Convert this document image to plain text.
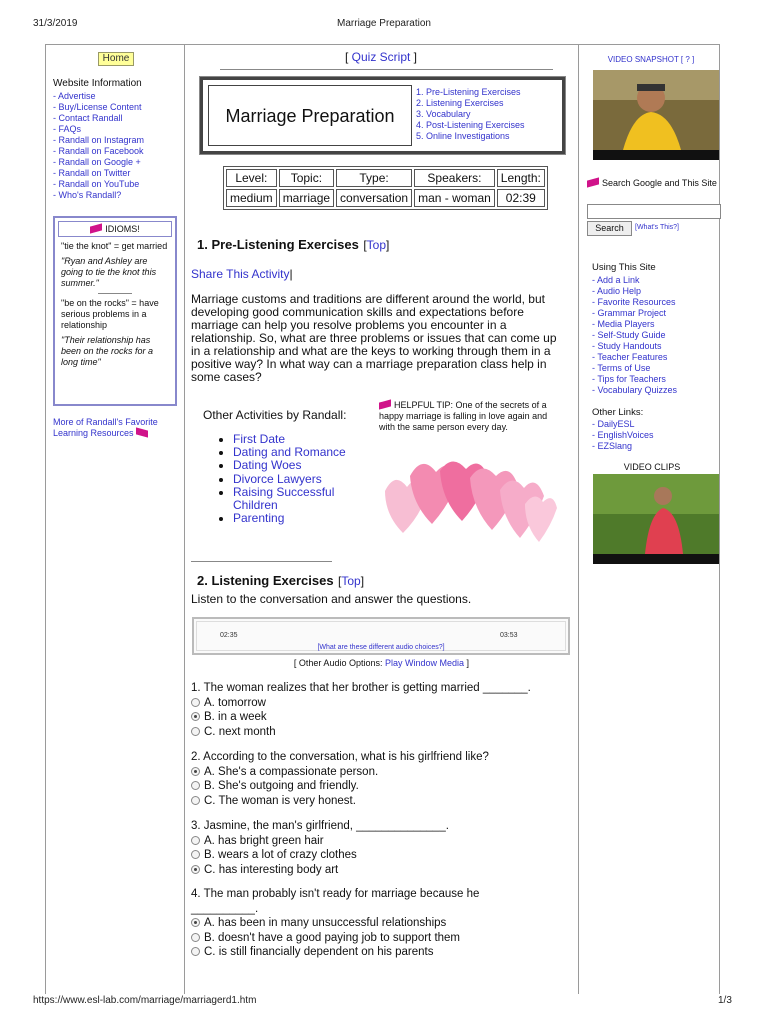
31/3/2019	Marriage Preparation
https://www.esl-lab.com/marriage/marriagerd1.htm	1/3
Home
Website Information
- Advertise
- Buy/License Content
- Contact Randall
- FAQs
- Randall on Instagram
- Randall on Facebook
- Randall on Google +
- Randall on Twitter
- Randall on YouTube
- Who's Randall?
IDIOMS!

"tie the knot" = get married

"Ryan and Ashley are going to tie the knot this summer."

"be on the rocks" = have serious problems in a relationship

"Their relationship has been on the rocks for a long time"

More of Randall's Favorite Learning Resources
[ Quiz Script ]
Marriage Preparation
1. Pre-Listening Exercises
2. Listening Exercises
3. Vocabulary
4. Post-Listening Exercises
5. Online Investigations
Level:	Topic:	Type:	Speakers:	Length:
medium	marriage	conversation	man - woman	02:39
1. Pre-Listening Exercises [Top]
Share This Activity|
Marriage customs and traditions are different around the world, but developing good communication skills and expectations before marriage can help you resolve problems you encounter in a relationship. So, what are three problems or issues that can come up in a relationship and what are the keys to working through them in a positive way? In what way can a marriage preparation class help in some cases?
Other Activities by Randall:
• First Date
• Dating and Romance
• Dating Woes
• Divorce Lawyers
• Raising Successful Children
• Parenting
HELPFUL TIP: One of the secrets of a happy marriage is falling in love again and with the same person every day.
2. Listening Exercises [Top]
Listen to the conversation and answer the questions.
02:35	03:53
[What are these different audio choices?]
[ Other Audio Options: Play Window Media ]
1. The woman realizes that her brother is getting married _______.
A. tomorrow
B. in a week
C. next month
2. According to the conversation, what is his girlfriend like?
A. She's a compassionate person.
B. She's outgoing and friendly.
C. The woman is very honest.
3. Jasmine, the man's girlfriend, ______________.
A. has bright green hair
B. wears a lot of crazy clothes
C. has interesting body art
4. The man probably isn't ready for marriage because he
__________.
A. has been in many unsuccessful relationships
B. doesn't have a good paying job to support them
C. is still financially dependent on his parents
VIDEO SNAPSHOT [ ? ]
Search Google and This Site
Search	[What's This?]
Using This Site
- Add a Link
- Audio Help
- Favorite Resources
- Grammar Project
- Media Players
- Self-Study Guide
- Study Handouts
- Teacher Features
- Terms of Use
- Tips for Teachers
- Vocabulary Quizzes
Other Links:
- DailyESL
- EnglishVoices
- EZSlang
VIDEO CLIPS
